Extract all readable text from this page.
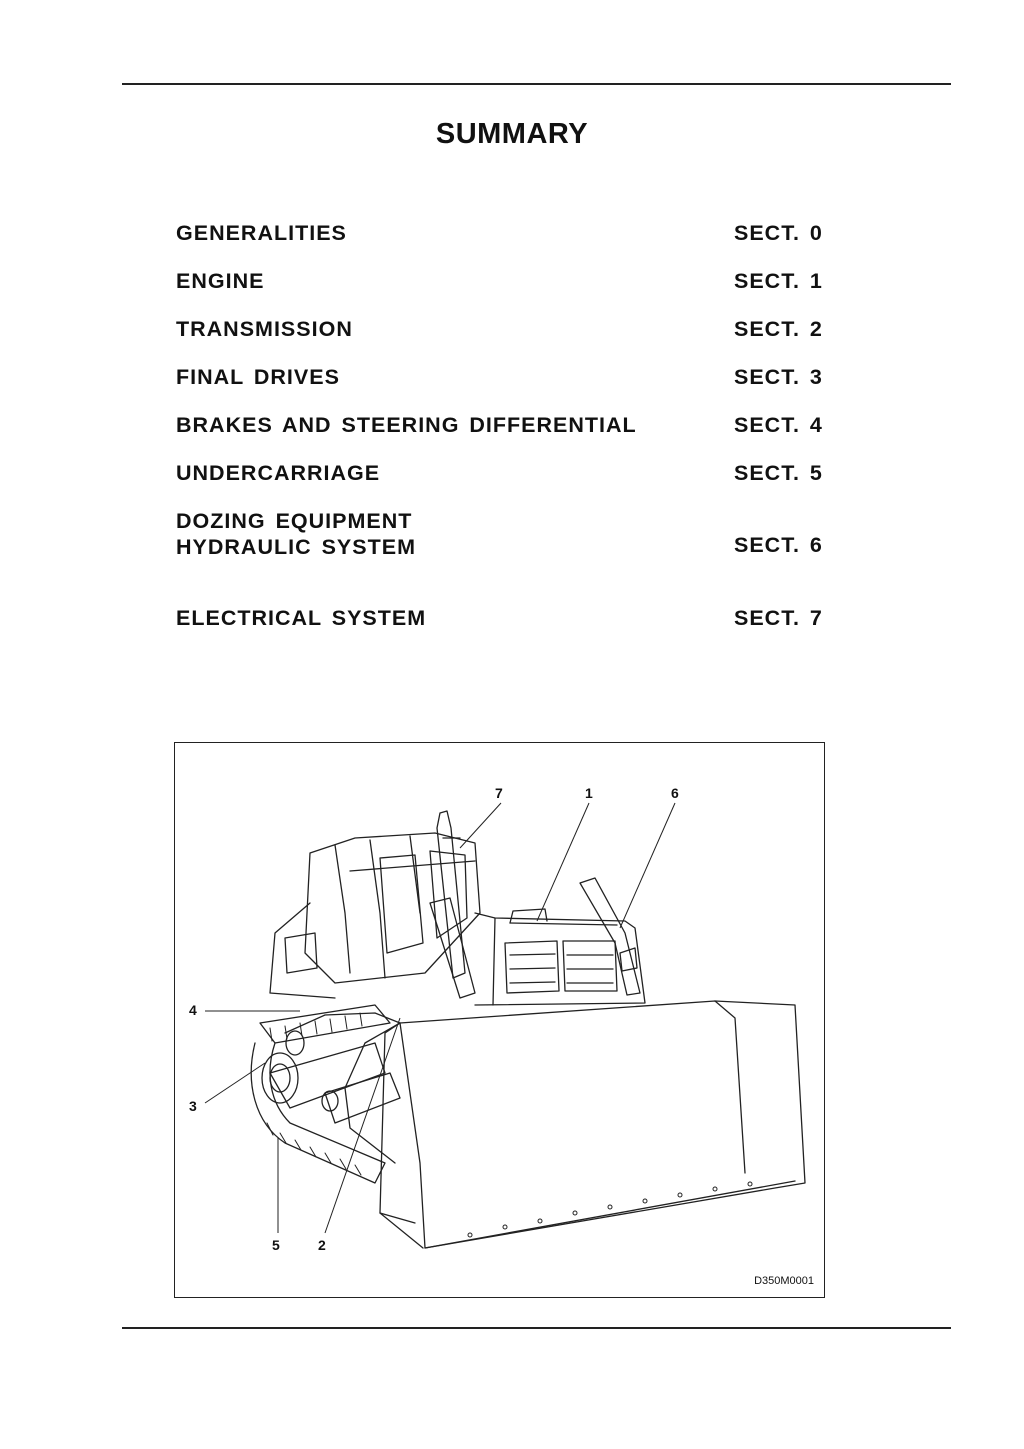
SUMMARY
GENERALITIES	SECT. 0
ENGINE	SECT. 1
TRANSMISSION	SECT. 2
FINAL DRIVES	SECT. 3
BRAKES AND STEERING DIFFERENTIAL	SECT. 4
UNDERCARRIAGE	SECT. 5
DOZING EQUIPMENT
HYDRAULIC SYSTEM	SECT. 6
ELECTRICAL SYSTEM	SECT. 7
7	1	6
4
3
5	2
D350M0001
